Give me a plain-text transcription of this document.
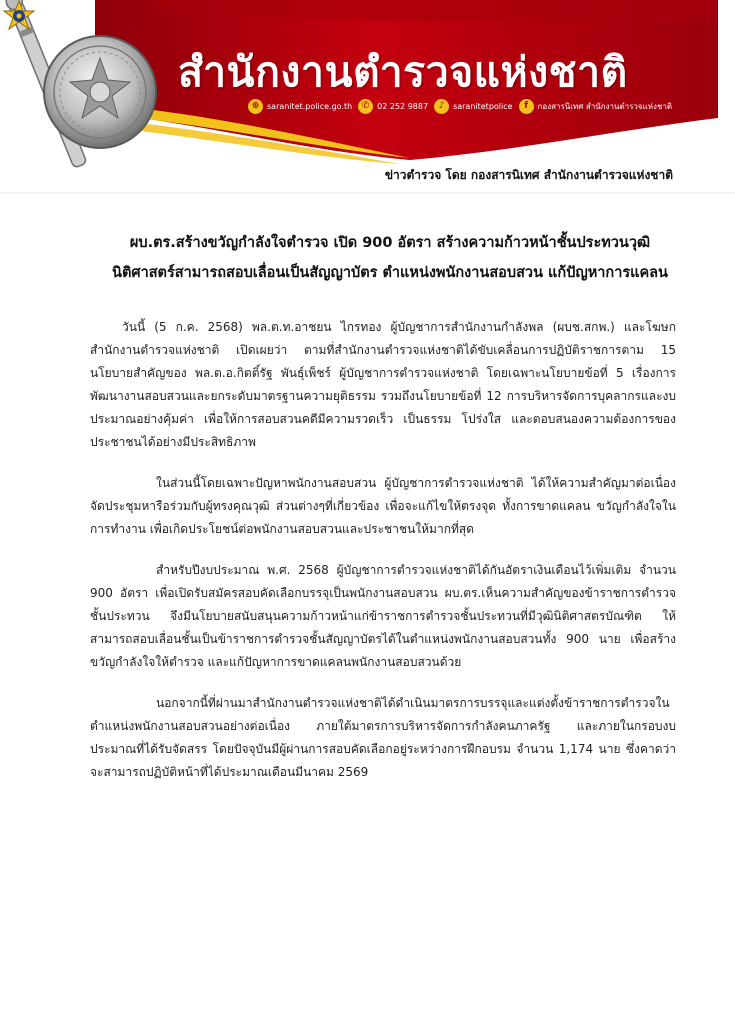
สำนักงานตำรวจแห่งชาติ
⊕ saranitet.police.go.th	✆ 02 252 9887	♪	saranitetpolice	f	กองสารนิเทศ สำนักงานตำรวจแห่งชาติ
ข่าวตำรวจ โดย กองสารนิเทศ สำนักงานตำรวจแห่งชาติ
ผบ.ตร.สร้างขวัญกำลังใจตำรวจ เปิด 900 อัตรา สร้างความก้าวหน้าชั้นประทวนวุฒิ
นิติศาสตร์สามารถสอบเลื่อนเป็นสัญญาบัตร ตำแหน่งพนักงานสอบสวน แก้ปัญหาการแคลน

วันนี้ (5 ก.ค. 2568) พล.ต.ท.อาชยน ไกรทอง ผู้บัญชาการสำนักงานกำลังพล (ผบช.สกพ.) และโฆษกสำนักงานตำรวจแห่งชาติ เปิดเผยว่า ตามที่สำนักงานตำรวจแห่งชาติได้ขับเคลื่อนการปฏิบัติราชการตาม 15 นโยบายสำคัญของ พล.ต.อ.กิตติ์รัฐ พันธุ์เพ็ชร์ ผู้บัญชาการตำรวจแห่งชาติ โดยเฉพาะนโยบายข้อที่ 5 เรื่องการพัฒนางานสอบสวนและยกระดับมาตรฐานความยุติธรรม รวมถึงนโยบายข้อที่ 12 การบริหารจัดการบุคลากรและงบประมาณอย่างคุ้มค่า เพื่อให้การสอบสวนคดีมีความรวดเร็ว เป็นธรรม โปร่งใส และตอบสนองความต้องการของประชาชนได้อย่างมีประสิทธิภาพ

ในส่วนนี้โดยเฉพาะปัญหาพนักงานสอบสวน ผู้บัญชาการตำรวจแห่งชาติ ได้ให้ความสำคัญมาต่อเนื่อง จัดประชุมหารือร่วมกับผู้ทรงคุณวุฒิ ส่วนต่างๆที่เกี่ยวข้อง เพื่อจะแก้ไขให้ตรงจุด ทั้งการขาดแคลน ขวัญกำลังใจในการทำงาน เพื่อเกิดประโยชน์ต่อพนักงานสอบสวนและประชาชนให้มากที่สุด

สำหรับปีงบประมาณ พ.ศ. 2568 ผู้บัญชาการตำรวจแห่งชาติได้กันอัตราเงินเดือนไว้เพิ่มเติม จำนวน 900 อัตรา เพื่อเปิดรับสมัครสอบคัดเลือกบรรจุเป็นพนักงานสอบสวน ผบ.ตร.เห็นความสำคัญของข้าราชการตำรวจชั้นประทวน จึงมีนโยบายสนับสนุนความก้าวหน้าแก่ข้าราชการตำรวจชั้นประทวนที่มีวุฒินิติศาสตรบัณฑิต ให้สามารถสอบเลื่อนชั้นเป็นข้าราชการตำรวจชั้นสัญญาบัตรได้ในตำแหน่งพนักงานสอบสวนทั้ง 900 นาย เพื่อสร้างขวัญกำลังใจให้ตำรวจ และแก้ปัญหาการขาดแคลนพนักงานสอบสวนด้วย

นอกจากนี้ที่ผ่านมาสำนักงานตำรวจแห่งชาติได้ดำเนินมาตรการบรรจุและแต่งตั้งข้าราชการตำรวจในตำแหน่งพนักงานสอบสวนอย่างต่อเนื่อง ภายใต้มาตรการบริหารจัดการกำลังคนภาครัฐ และภายในกรอบงบประมาณที่ได้รับจัดสรร โดยปัจจุบันมีผู้ผ่านการสอบคัดเลือกอยู่ระหว่างการฝึกอบรม จำนวน 1,174 นาย ซึ่งคาดว่าจะสามารถปฏิบัติหน้าที่ได้ประมาณเดือนมีนาคม 2569
